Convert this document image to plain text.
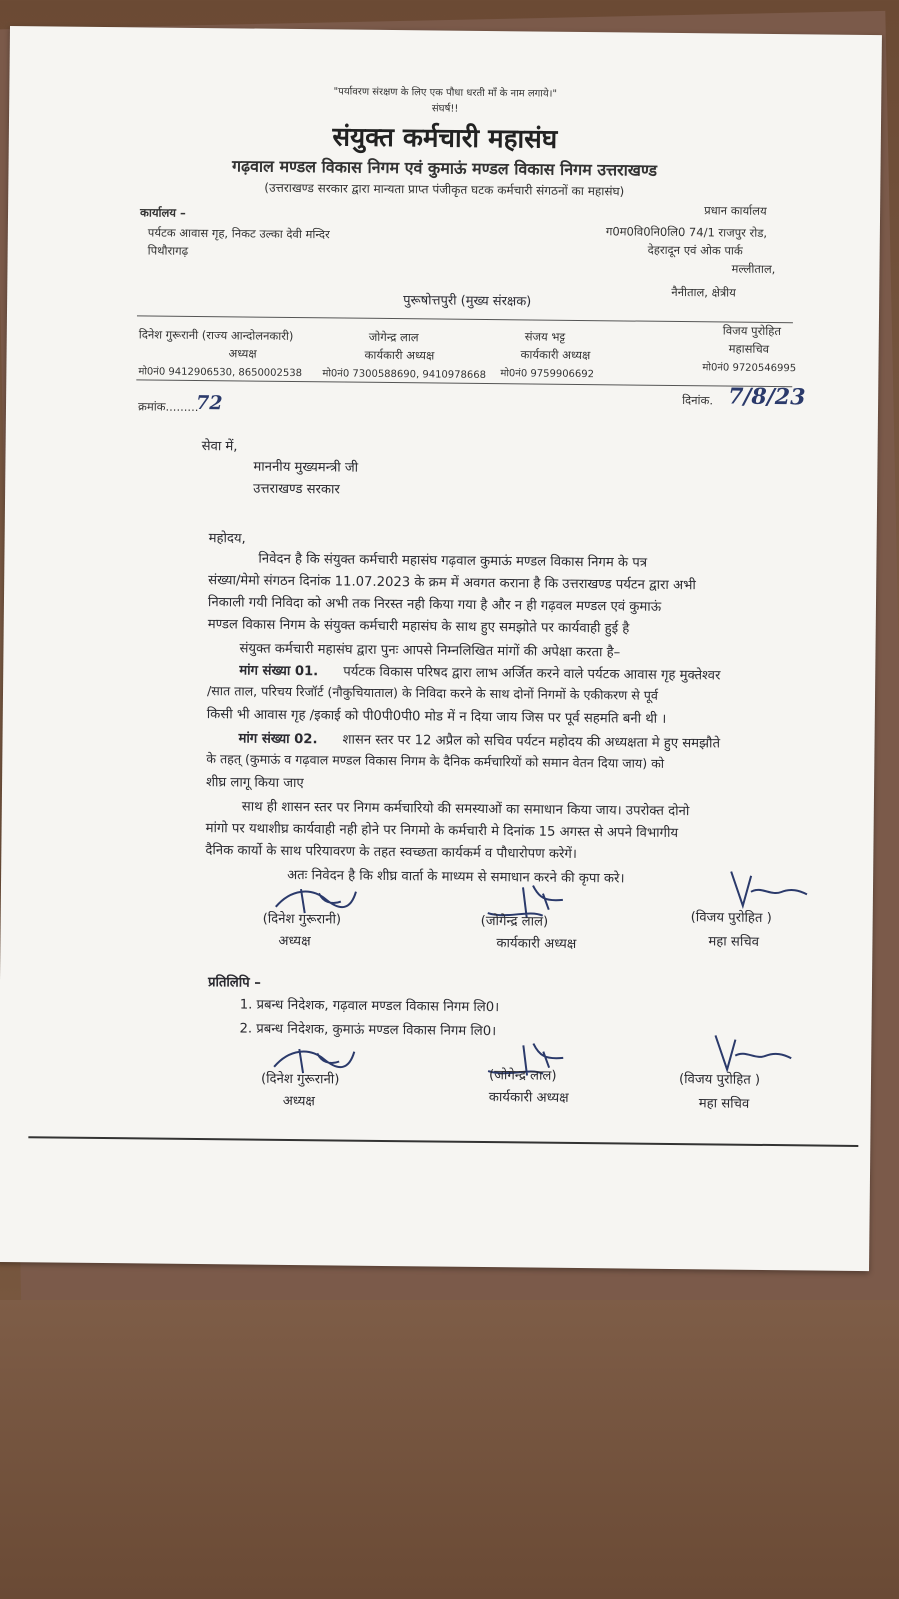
"पर्यावरण संरक्षण के लिए एक पौधा धरती माँ के नाम लगाये।"
संघर्ष!!
संयुक्त कर्मचारी महासंघ
गढ़वाल मण्डल विकास निगम एवं कुमाऊं मण्डल विकास निगम उत्तराखण्ड
(उत्तराखण्ड सरकार द्वारा मान्यता प्राप्त पंजीकृत घटक कर्मचारी संगठनों का महासंघ)
कार्यालय –
पर्यटक आवास गृह, निकट उल्का देवी मन्दिर
पिथौरागढ़
प्रधान कार्यालय
ग0म0वि0नि0लि0 74/1 राजपुर रोड,
देहरादून एवं ओक पार्क
मल्लीताल,
नैनीताल, क्षेत्रीय
पुरूषोत्तपुरी (मुख्य संरक्षक)
दिनेश गुरूरानी (राज्य आन्दोलनकारी)
अध्यक्ष
मो0नं0 9412906530, 8650002538
जोगेन्द्र लाल
कार्यकारी अध्यक्ष
मो0नं0 7300588690, 9410978668
संजय भट्ट
कार्यकारी अध्यक्ष
मो0नं0 9759906692
विजय पुरोहित
महासचिव
मो0नं0 9720546995
क्रमांक.........
72	दिनांक. 7/8/23
सेवा में,
माननीय मुख्यमन्त्री जी
उत्तराखण्ड सरकार
महोदय,
निवेदन है कि संयुक्त कर्मचारी महासंघ गढ़वाल कुमाऊं मण्डल विकास निगम के पत्र
संख्या/मेमो संगठन दिनांक 11.07.2023 के क्रम में अवगत कराना है कि उत्तराखण्ड पर्यटन द्वारा अभी
निकाली गयी निविदा को अभी तक निरस्त नही किया गया है और न ही गढ़वल मण्डल एवं कुमाऊं
मण्डल विकास निगम के संयुक्त कर्मचारी महासंघ के साथ हुए समझोते पर कार्यवाही हुई है
संयुक्त कर्मचारी महासंघ द्वारा पुनः आपसे निम्नलिखित मांगों की अपेक्षा करता है–
मांग संख्या 01. पर्यटक विकास परिषद द्वारा लाभ अर्जित करने वाले पर्यटक आवास गृह मुक्तेश्वर
/सात ताल, परिचय रिजॉर्ट (नौकुचियाताल) के निविदा करने के साथ दोनों निगमों के एकीकरण से पूर्व
किसी भी आवास गृह /इकाई को पी0पी0पी0 मोड में न दिया जाय जिस पर पूर्व सहमति बनी थी ।
मांग संख्या 02. शासन स्तर पर 12 अप्रैल को सचिव पर्यटन महोदय की अध्यक्षता मे हुए समझौते
के तहत् (कुमाऊं व गढ़वाल मण्डल विकास निगम के दैनिक कर्मचारियों को समान वेतन दिया जाय) को
शीघ्र लागू किया जाए
साथ ही शासन स्तर पर निगम कर्मचारियो की समस्याओं का समाधान किया जाय। उपरोक्त दोनो
मांगो पर यथाशीघ्र कार्यवाही नही होने पर निगमो के कर्मचारी मे दिनांक 15 अगस्त से अपने विभागीय
दैनिक कार्यो के साथ परियावरण के तहत स्वच्छता कार्यकर्म व पौधारोपण करेगें।
अतः निवेदन है कि शीघ्र वार्ता के माध्यम से समाधान करने की कृपा करे।
(दिनेश गुरूरानी)
अध्यक्ष
(जोगेन्द्र लाल)
कार्यकारी अध्यक्ष
(विजय पुरोहित )
महा सचिव
प्रतिलिपि –
1. प्रबन्ध निदेशक, गढ़वाल मण्डल विकास निगम लि0।
2. प्रबन्ध निदेशक, कुमाऊं मण्डल विकास निगम लि0।
(दिनेश गुरूरानी)
अध्यक्ष
(जोगेन्द्र लाल)
कार्यकारी अध्यक्ष
(विजय पुरोहित )
महा सचिव
